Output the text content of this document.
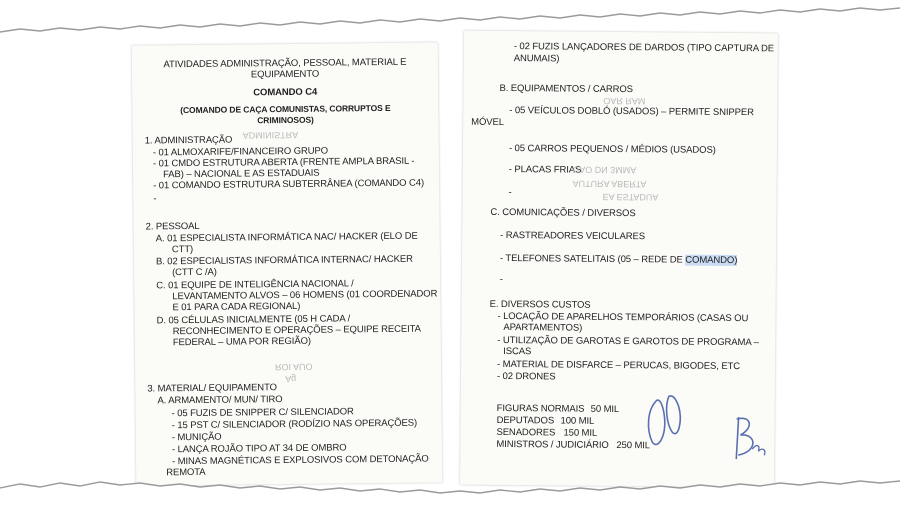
ATIVIDADES ADMINISTRAÇÃO, PESSOAL, MATERIAL E
EQUIPAMENTO
COMANDO C4
(COMANDO DE CAÇA COMUNISTAS, CORRUPTOS E
CRIMINOSOS)
ADMINISTRA
1. ADMINISTRAÇÃO
- 01 ALMOXARIFE/FINANCEIRO GRUPO
- 01 CMDO ESTRUTURA ABERTA (FRENTE AMPLA BRASIL -
FAB) – NACIONAL E AS ESTADUAIS
- 01 COMANDO ESTRUTURA SUBTERRÂNEA (COMANDO C4)
-
2. PESSOAL
A. 01 ESPECIALISTA INFORMÁTICA NAC/ HACKER (ELO DE
CTT)
B. 02 ESPECIALISTAS INFORMÁTICA INTERNAC/ HACKER
(CTT C /A)
C. 01 EQUIPE DE INTELIGÊNCIA NACIONAL /
LEVANTAMENTO ALVOS – 06 HOMENS (01 COORDENADOR
E 01 PARA CADA REGIONAL)
D. 05 CÉLULAS INICIALMENTE (05 H CADA /
RECONHECIMENTO E OPERAÇÕES – EQUIPE RECEITA
FEDERAL – UMA POR REGIÃO)
ROI AUO
Ag
3. MATERIAL/ EQUIPAMENTO
A. ARMAMENTO/ MUN/ TIRO
- 05 FUZIS DE SNIPPER C/ SILENCIADOR
- 15 PST C/ SILENCIADOR (RODÍZIO NAS OPERAÇÕES)
- MUNIÇÃO
- LANÇA ROJÃO TIPO AT 34 DE OMBRO
- MINAS MAGNÉTICAS E EXPLOSIVOS COM DETONAÇÃO
REMOTA
- 02 FUZIS LANÇADORES DE DARDOS (TIPO CAPTURA DE
ANUMAIS)
B. EQUIPAMENTOS / CARROS
OAR RAM
- 05 VEÍCULOS DOBLÓ (USADOS) – PERMITE SNIPPER
MÓVEL
- 05 CARROS PEQUENOS / MÉDIOS (USADOS)
- PLACAS FRIAS
UAO DN 3MMA
AUTURA ABERTA
EA ESTADUA
-
C. COMUNICAÇÕES / DIVERSOS
- RASTREADORES VEICULARES
- TELEFONES SATELITAIS (05 – REDE DE COMANDO)
-
E. DIVERSOS CUSTOS
- LOCAÇÃO DE APARELHOS TEMPORÁRIOS (CASAS OU
APARTAMENTOS)
- UTILIZAÇÃO DE GAROTAS E GAROTOS DE PROGRAMA –
ISCAS
- MATERIAL DE DISFARCE – PERUCAS, BIGODES, ETC
- 02 DRONES
FIGURAS NORMAIS 50 MIL
DEPUTADOS 100 MIL
SENADORES 150 MIL
MINISTROS / JUDICIÁRIO 250 MIL
